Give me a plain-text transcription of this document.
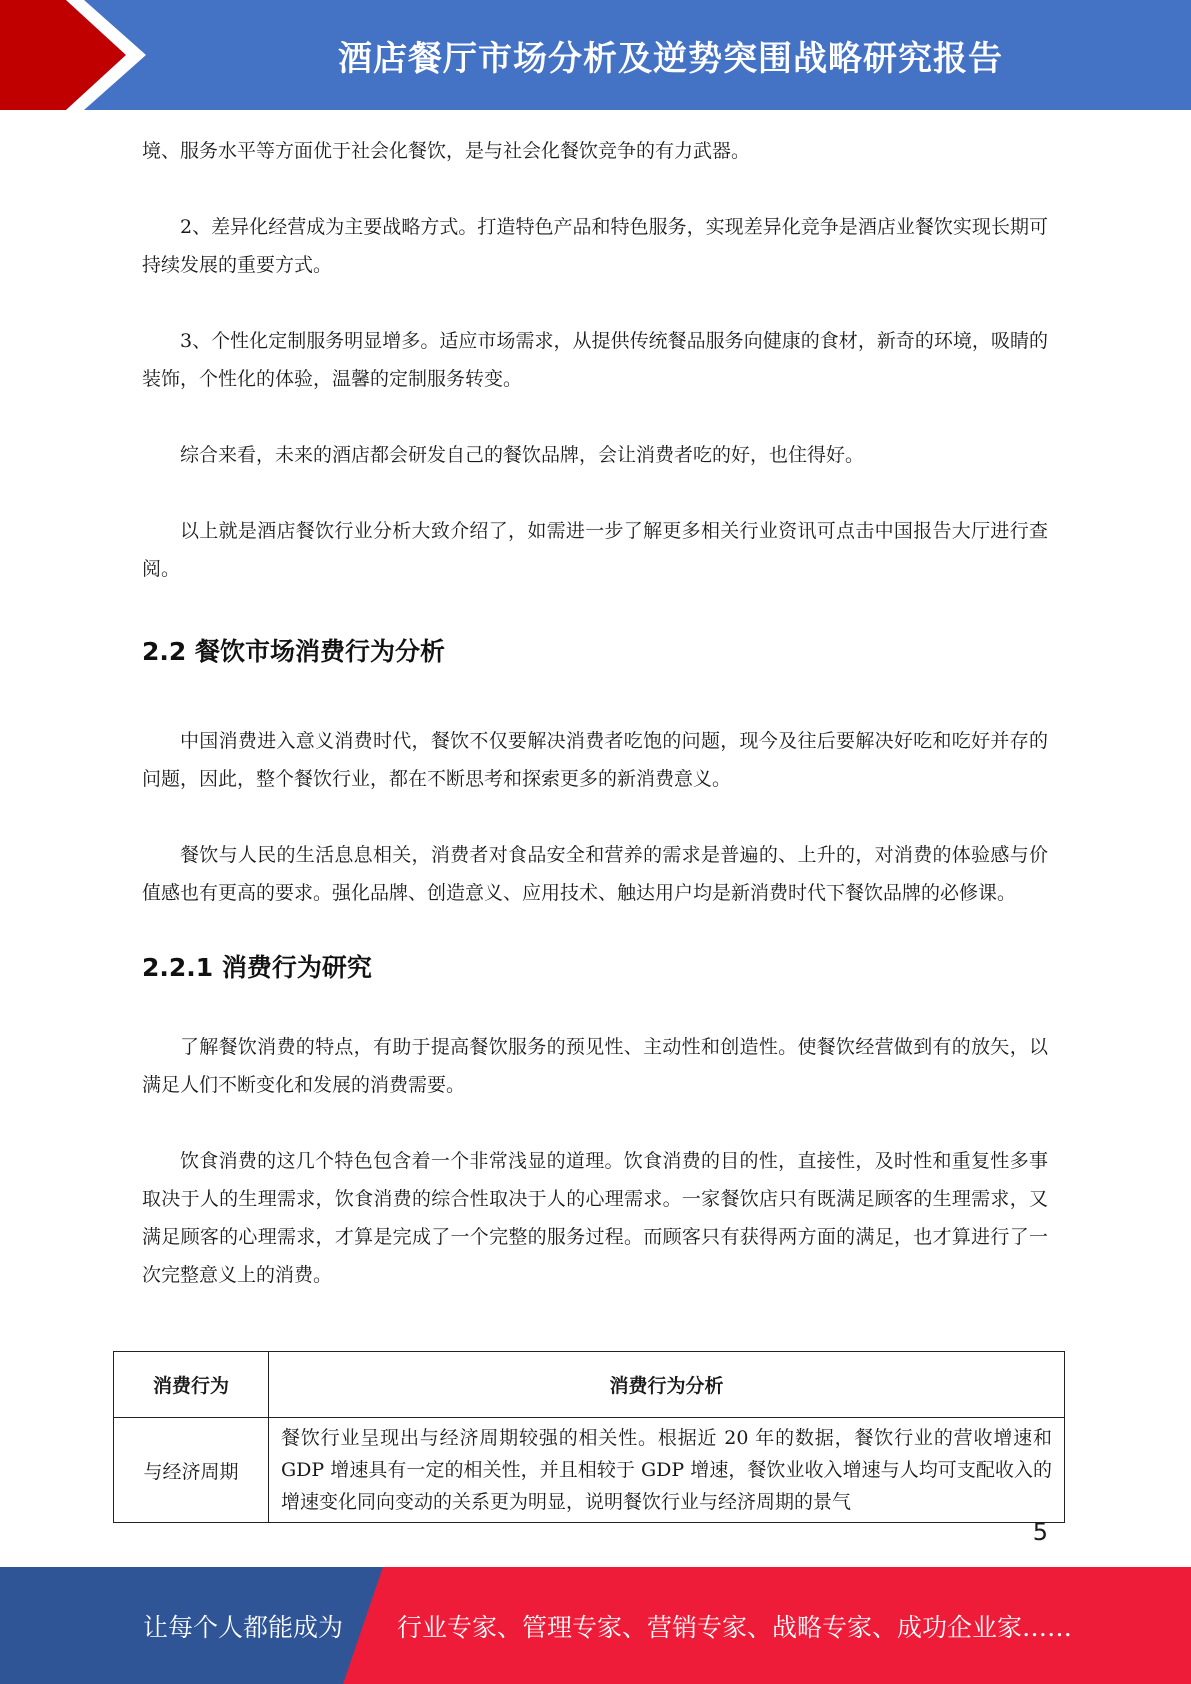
酒店餐厅市场分析及逆势突围战略研究报告

境、服务水平等方面优于社会化餐饮，是与社会化餐饮竞争的有力武器。

2、差异化经营成为主要战略方式。打造特色产品和特色服务，实现差异化竞争是酒店业餐饮实现长期可持续发展的重要方式。

3、个性化定制服务明显增多。适应市场需求，从提供传统餐品服务向健康的食材，新奇的环境，吸睛的装饰，个性化的体验，温馨的定制服务转变。

综合来看，未来的酒店都会研发自己的餐饮品牌，会让消费者吃的好，也住得好。

以上就是酒店餐饮行业分析大致介绍了，如需进一步了解更多相关行业资讯可点击中国报告大厅进行查阅。

2.2 餐饮市场消费行为分析

中国消费进入意义消费时代，餐饮不仅要解决消费者吃饱的问题，现今及往后要解决好吃和吃好并存的问题，因此，整个餐饮行业，都在不断思考和探索更多的新消费意义。

餐饮与人民的生活息息相关，消费者对食品安全和营养的需求是普遍的、上升的，对消费的体验感与价值感也有更高的要求。强化品牌、创造意义、应用技术、触达用户均是新消费时代下餐饮品牌的必修课。

2.2.1 消费行为研究

了解餐饮消费的特点，有助于提高餐饮服务的预见性、主动性和创造性。使餐饮经营做到有的放矢，以满足人们不断变化和发展的消费需要。

饮食消费的这几个特色包含着一个非常浅显的道理。饮食消费的目的性，直接性，及时性和重复性多事取决于人的生理需求，饮食消费的综合性取决于人的心理需求。一家餐饮店只有既满足顾客的生理需求，又满足顾客的心理需求，才算是完成了一个完整的服务过程。而顾客只有获得两方面的满足，也才算进行了一次完整意义上的消费。

消费行为	消费行为分析
与经济周期	餐饮行业呈现出与经济周期较强的相关性。根据近 20 年的数据，餐饮行业的营收增速和 GDP 增速具有一定的相关性，并且相较于 GDP 增速，餐饮业收入增速与人均可支配收入的增速变化同向变动的关系更为明显，说明餐饮行业与经济周期的景气
5
让每个人都能成为 行业专家、管理专家、营销专家、战略专家、成功企业家……
